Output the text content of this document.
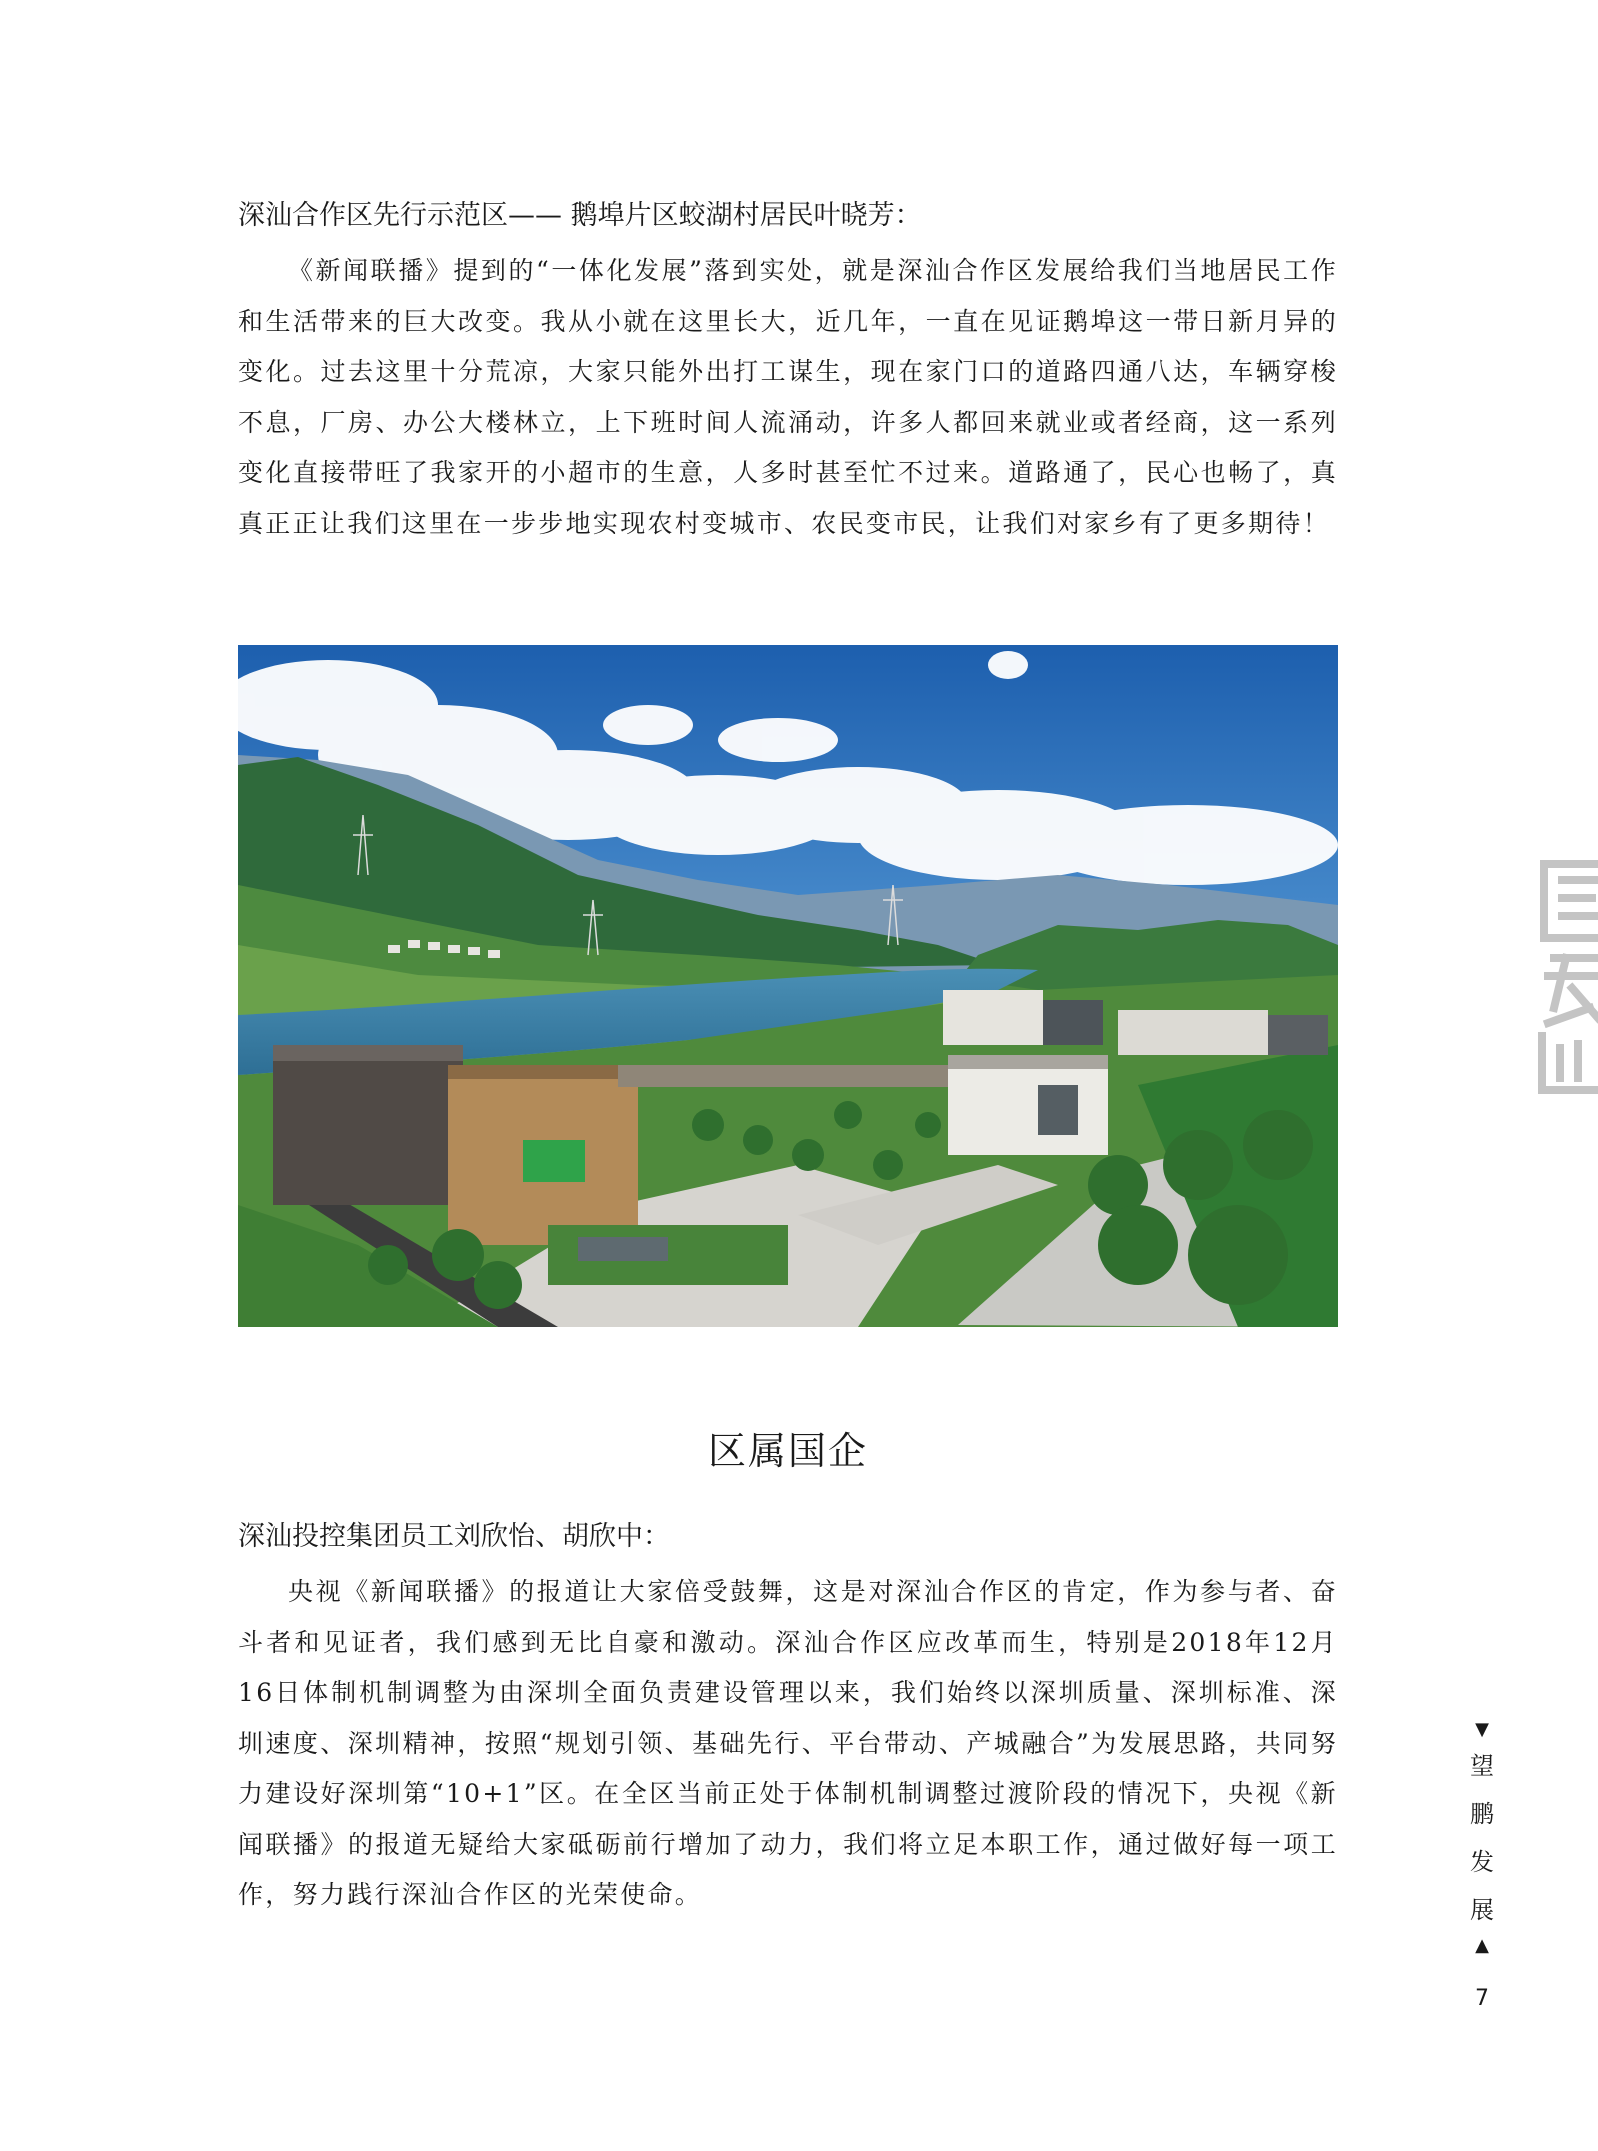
深汕合作区先行示范区—— 鹅埠片区蛟湖村居民叶晓芳：

《新闻联播》提到的“一体化发展”落到实处，就是深汕合作区发展给我们当地居民工作和生活带来的巨大改变。我从小就在这里长大，近几年，一直在见证鹅埠这一带日新月异的变化。过去这里十分荒凉，大家只能外出打工谋生，现在家门口的道路四通八达，车辆穿梭不息，厂房、办公大楼林立，上下班时间人流涌动，许多人都回来就业或者经商，这一系列变化直接带旺了我家开的小超市的生意，人多时甚至忙不过来。道路通了，民心也畅了，真真正正让我们这里在一步步地实现农村变城市、农民变市民，让我们对家乡有了更多期待！

区属国企

深汕投控集团员工刘欣怡、胡欣中：

央视《新闻联播》的报道让大家倍受鼓舞，这是对深汕合作区的肯定，作为参与者、奋斗者和见证者，我们感到无比自豪和激动。深汕合作区应改革而生，特别是2018年12月16日体制机制调整为由深圳全面负责建设管理以来，我们始终以深圳质量、深圳标准、深圳速度、深圳精神，按照“规划引领、基础先行、平台带动、产城融合”为发展思路，共同努力建设好深圳第“10+1”区。在全区当前正处于体制机制调整过渡阶段的情况下，央视《新闻联播》的报道无疑给大家砥砺前行增加了动力，我们将立足本职工作，通过做好每一项工作，努力践行深汕合作区的光荣使命。

▼
望
鹏
发
展
▲
7
